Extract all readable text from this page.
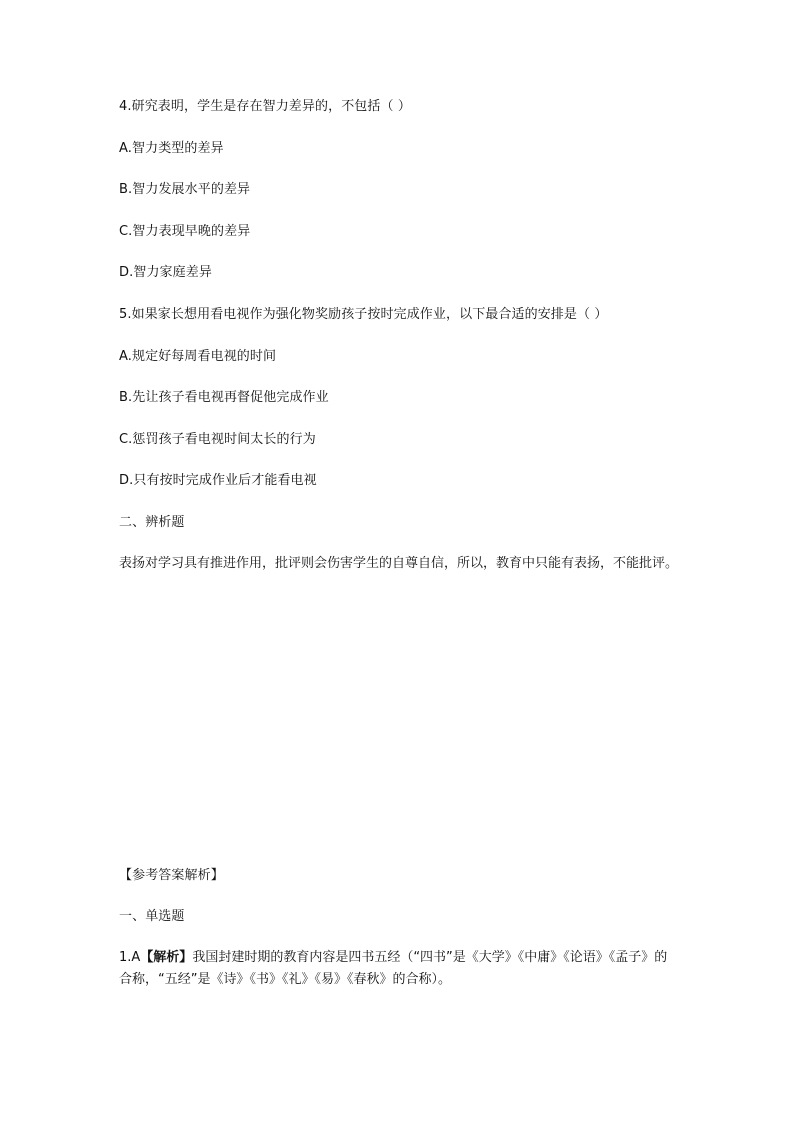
4.研究表明，学生是存在智力差异的，不包括（ ）
A.智力类型的差异
B.智力发展水平的差异
C.智力表现早晚的差异
D.智力家庭差异
5.如果家长想用看电视作为强化物奖励孩子按时完成作业，以下最合适的安排是（ ）
A.规定好每周看电视的时间
B.先让孩子看电视再督促他完成作业
C.惩罚孩子看电视时间太长的行为
D.只有按时完成作业后才能看电视
二、辨析题
表扬对学习具有推进作用，批评则会伤害学生的自尊自信，所以，教育中只能有表扬，不能批评。
【参考答案解析】
一、单选题
1.A【解析】我国封建时期的教育内容是四书五经（“四书”是《大学》《中庸》《论语》《孟子》的合称，“五经”是《诗》《书》《礼》《易》《春秋》的合称）。
